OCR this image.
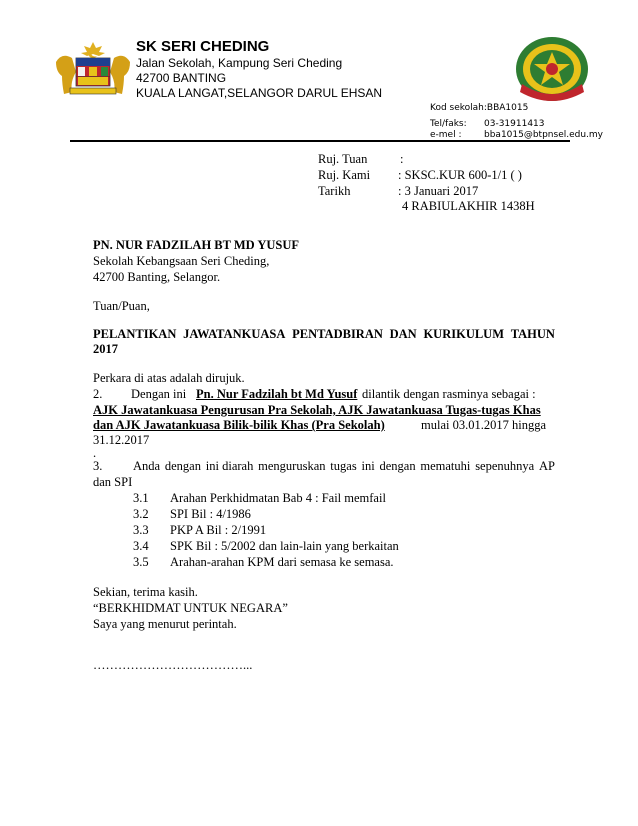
SK SERI CHEDING
Jalan Sekolah, Kampung Seri Cheding
42700 BANTING
KUALA LANGAT,SELANGOR DARUL EHSAN
Kod sekolah:BBA1015
Tel/faks: 03-31911413
e-mel :	bba1015@btpnsel.edu.my
Ruj. Tuan	:
Ruj. Kami : SKSC.KUR 600-1/1 ( )
Tarikh	: 3 Januari 2017
4 RABIULAKHIR 1438H
PN. NUR FADZILAH BT MD YUSUF
Sekolah Kebangsaan Seri Cheding,
42700 Banting, Selangor.
Tuan/Puan,
PELANTIKAN JAWATANKUASA PENTADBIRAN DAN KURIKULUM TAHUN
2017
Perkara di atas adalah dirujuk.
2. Dengan ini Pn. Nur Fadzilah bt Md Yusuf dilantik dengan rasminya sebagai :
AJK Jawatankuasa Pengurusan Pra Sekolah, AJK Jawatankuasa Tugas-tugas Khas
dan AJK Jawatankuasa Bilik-bilik Khas (Pra Sekolah)	mulai 03.01.2017 hingga
31.12.2017
.
3. Anda dengan ini diarah menguruskan tugas ini dengan mematuhi sepenuhnya AP
dan SPI
3.1 Arahan Perkhidmatan Bab 4 : Fail memfail
3.2 SPI Bil : 4/1986
3.3 PKP A Bil : 2/1991
3.4 SPK Bil : 5/2002 dan lain-lain yang berkaitan
3.5 Arahan-arahan KPM dari semasa ke semasa.
Sekian, terima kasih.
“BERKHIDMAT UNTUK NEGARA”
Saya yang menurut perintah.
………………………………...
